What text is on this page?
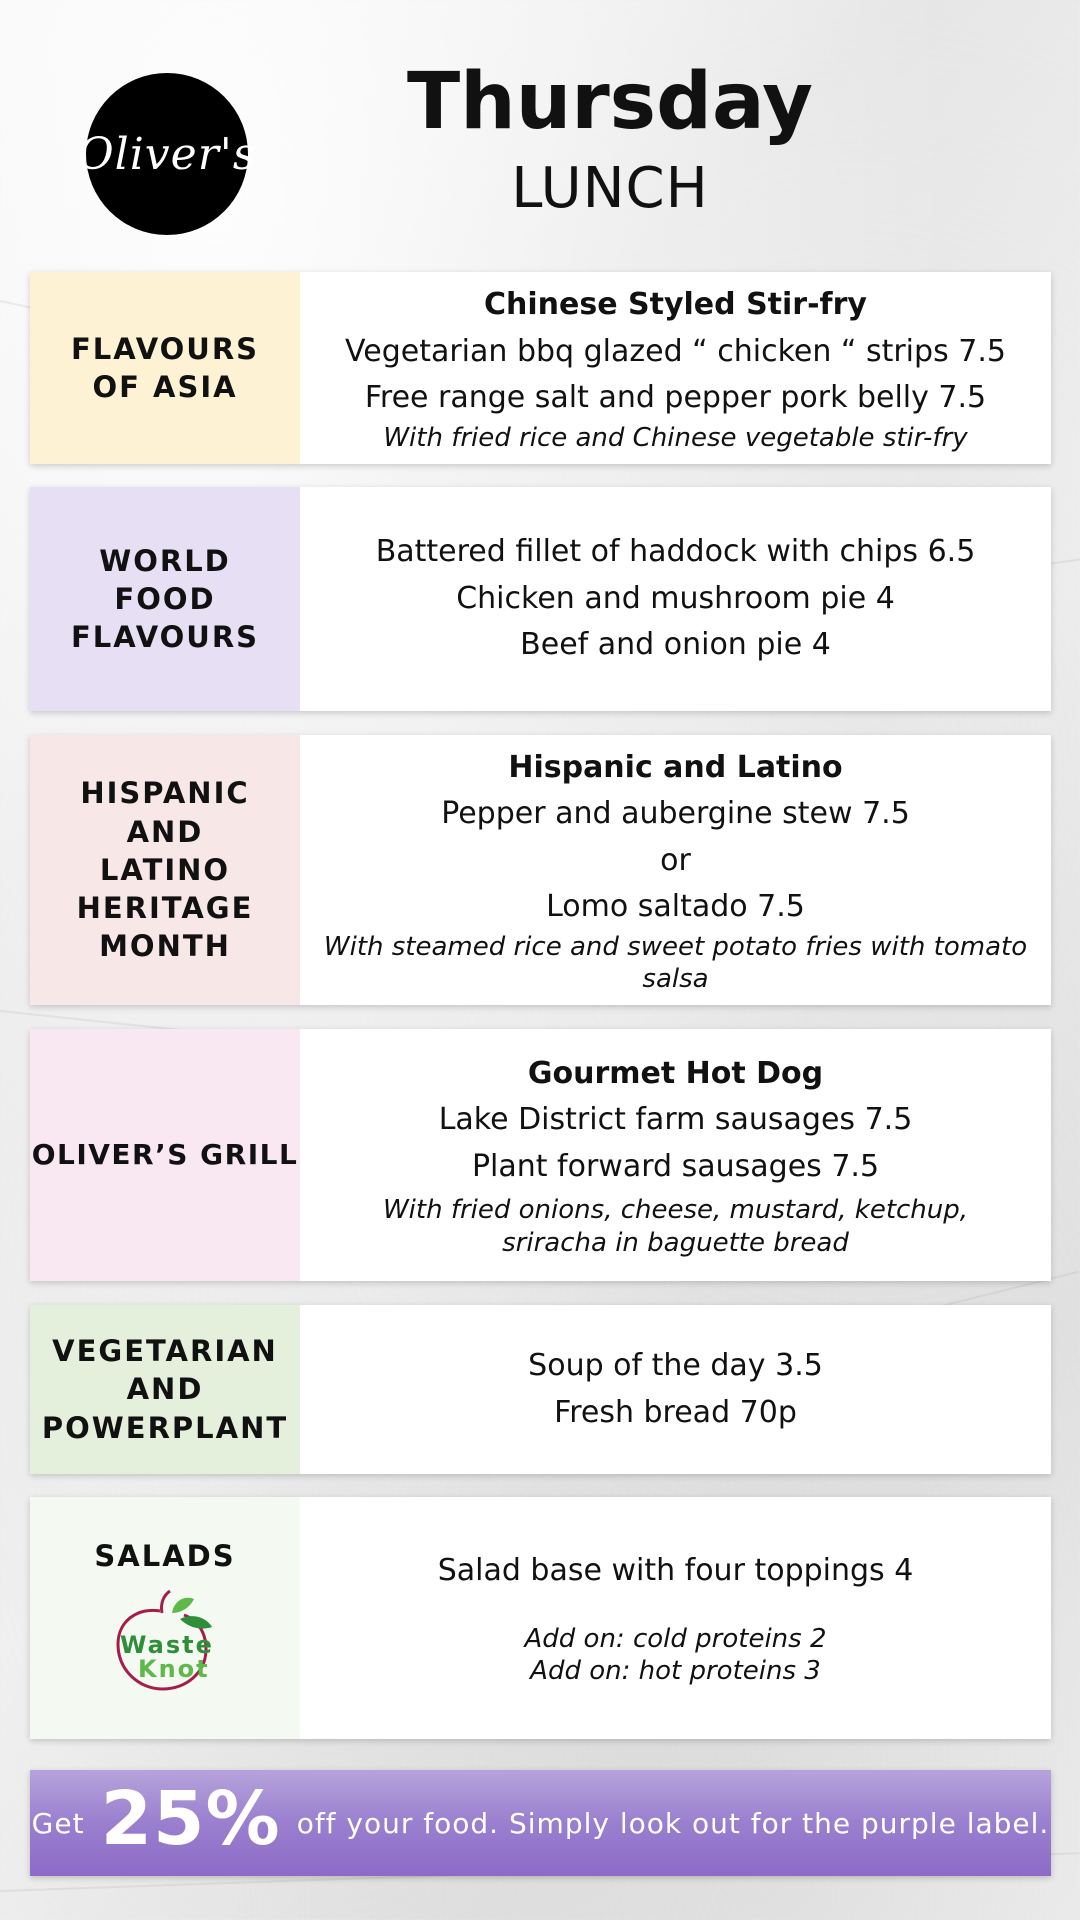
Oliver's
Thursday
LUNCH
FLAVOURS OF ASIA
Chinese Styled Stir-fry
Vegetarian bbq glazed “ chicken “ strips 7.5
Free range salt and pepper pork belly 7.5
With fried rice and Chinese vegetable stir-fry
WORLD FOOD FLAVOURS
Battered fillet of haddock with chips 6.5
Chicken and mushroom pie 4
Beef and onion pie 4
HISPANIC AND LATINO HERITAGE MONTH
Hispanic and Latino
Pepper and aubergine stew 7.5
or
Lomo saltado 7.5
With steamed rice and sweet potato fries with tomato salsa
OLIVER’S GRILL
Gourmet Hot Dog
Lake District farm sausages 7.5
Plant forward sausages 7.5
With fried onions, cheese, mustard, ketchup, sriracha in baguette bread
VEGETARIAN AND POWERPLANT
Soup of the day 3.5
Fresh bread 70p
SALADS
Waste
Knot
Salad base with four toppings 4
Add on: cold proteins 2
Add on: hot proteins 3
Get 25% off your food. Simply look out for the purple label.
